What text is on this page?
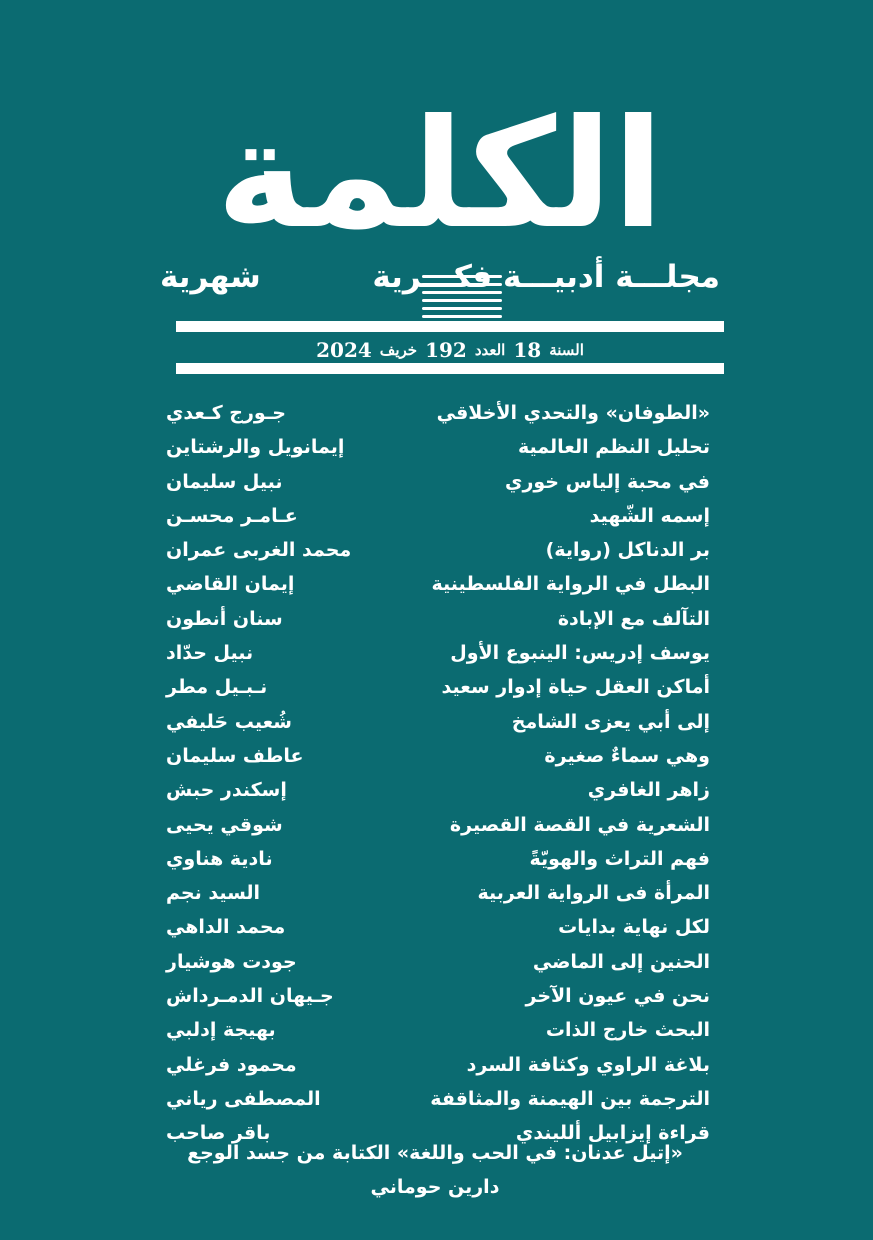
الكلمة
مجلـــة أدبيـــة فكـــرية
شهرية
السنة
18
العدد
192
خريف
2024
«الطوفان» والتحدي الأخلاقي
جـورج كـعدي
تحليل النظم العالمية
إيمانويل والرشتاين
في محبة إلياس خوري
نبيل سليمان
إسمه الشّهيد
عـامـر محسـن
بر الدناكل (رواية)
محمد الغربى عمران
البطل في الرواية الفلسطينية
إيمان القاضي
التآلف مع الإبادة
سنان أنطون
يوسف إدريس: الينبوع الأول
نبيل حدّاد
أماكن العقل حياة إدوار سعيد
نـبـيل مطر
إلى أبي يعزى الشامخ
شُعيب حَليفي
وهي سماءٌ صغيرة
عاطف سليمان
زاهر الغافري
إسكندر حبش
الشعرية في القصة القصيرة
شوقي يحيى
فهم التراث والهويّةً
نادية هناوي
المرأة فى الرواية العربية
السيد نجم
لكل نهاية بدايات
محمد الداهي
الحنين إلى الماضي
جودت هوشيار
نحن في عيون الآخر
جـيهان الدمـرداش
البحث خارج الذات
بهيجة إدلبي
بلاغة الراوي وكثافة السرد
محمود فرغلي
الترجمة بين الهيمنة والمثاقفة
المصطفى رياني
قراءة إيزابيل ألليندي
باقر صاحب
«إتيل عدنان: في الحب واللغة» الكتابة من جسد الوجع
دارين حوماني
